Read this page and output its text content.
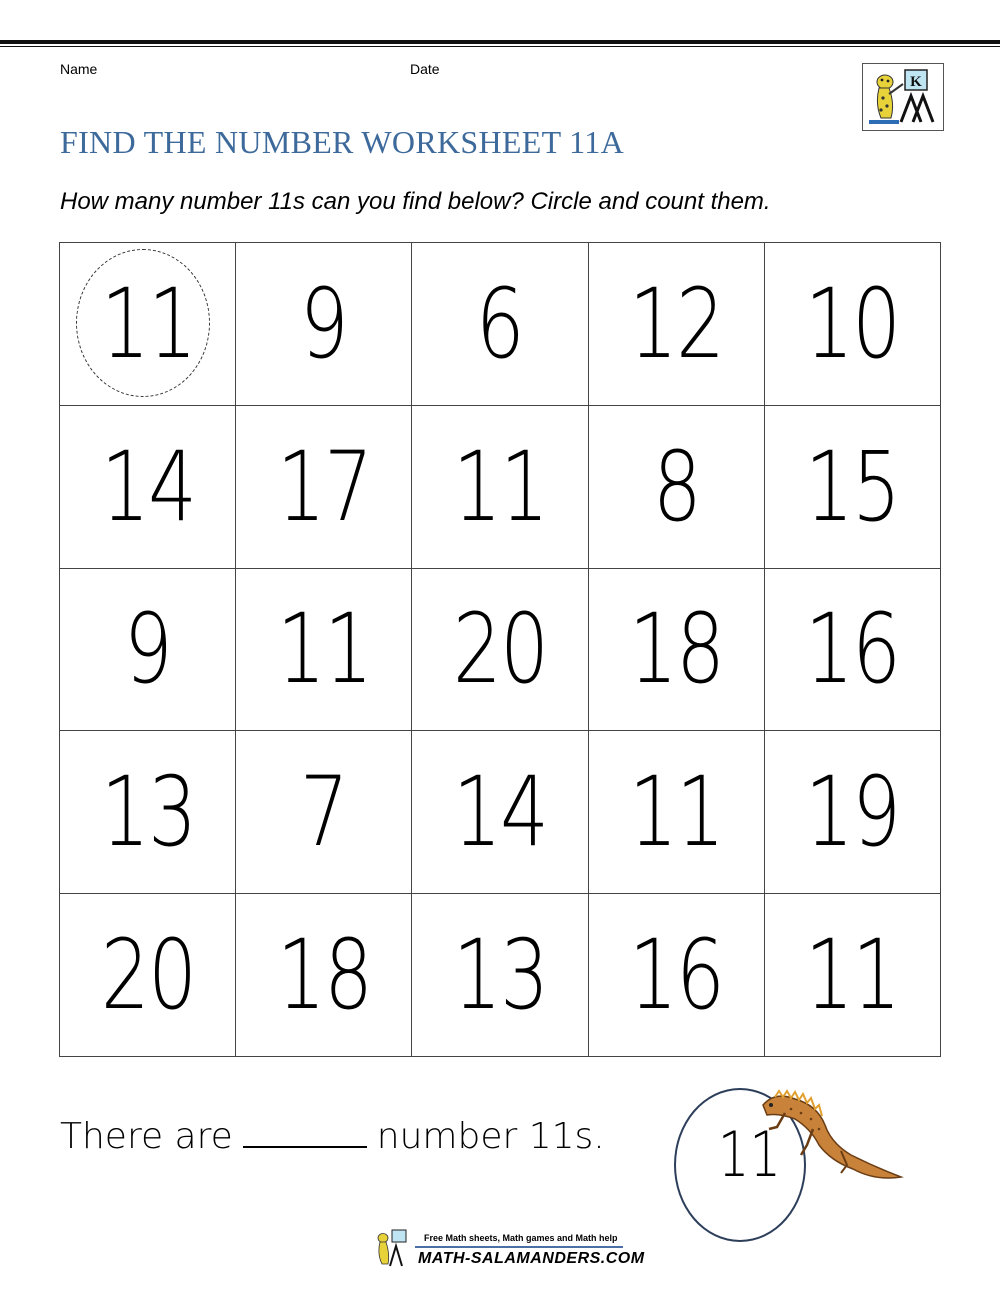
Name	Date
K
FIND THE NUMBER WORKSHEET 11A
How many number 11s can you find below? Circle and count them.
11 9 6 12 10
14 17 11 8 15
9 11 20 18 16
13 7 14 11 19
20 18 13 16 11
There are	number 11s. 11
Free Math sheets, Math games and Math help
MATH-SALAMANDERS.COM
